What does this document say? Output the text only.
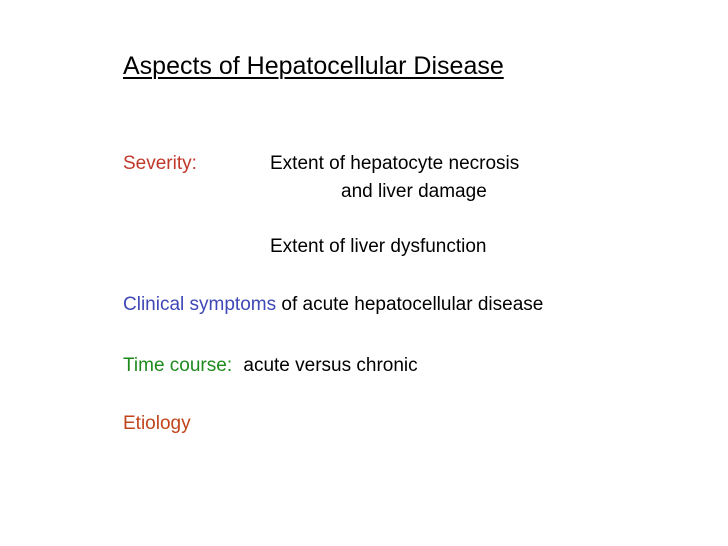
Aspects of Hepatocellular Disease
Severity:	Extent of hepatocyte necrosis
and liver damage
Extent of liver dysfunction
Clinical symptoms of acute hepatocellular disease
Time course: acute versus chronic
Etiology
